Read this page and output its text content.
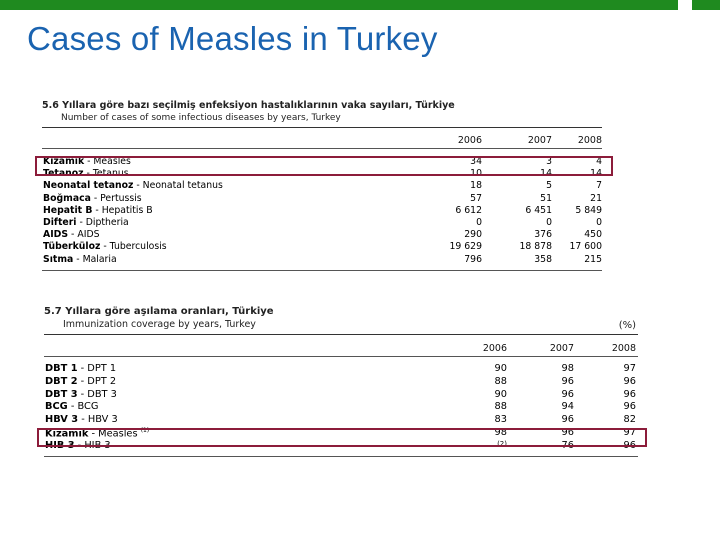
Cases of Measles in Turkey
5.6 Yıllara göre bazı seçilmiş enfeksiyon hastalıklarının vaka sayıları, Türkiye
Number of cases of some infectious diseases by years, Turkey
2006	2007	2008
Kızamık - Measles	34	3	4
Tetanoz - Tetanus	10	14	14
Neonatal tetanoz - Neonatal tetanus	18	5	7
Boğmaca - Pertussis	57	51	21
Hepatit B - Hepatitis B	6 612	6 451	5 849
Difteri - Diptheria	0	0	0
AIDS - AIDS	290	376	450
Tüberküloz - Tuberculosis	19 629	18 878	17 600
Sıtma - Malaria	796	358	215
5.7 Yıllara göre aşılama oranları, Türkiye
Immunization coverage by years, Turkey	(%)
2006	2007	2008
DBT 1 - DPT 1	90	98	97
DBT 2 - DPT 2	88	96	96
DBT 3 - DBT 3	90	96	96
BCG - BCG	88	94	96
HBV 3 - HBV 3	83	96	82
Kızamık - Measles $^{(1)}$	98	96	97
HIB 3 - HIB 3	(2)	76	96
